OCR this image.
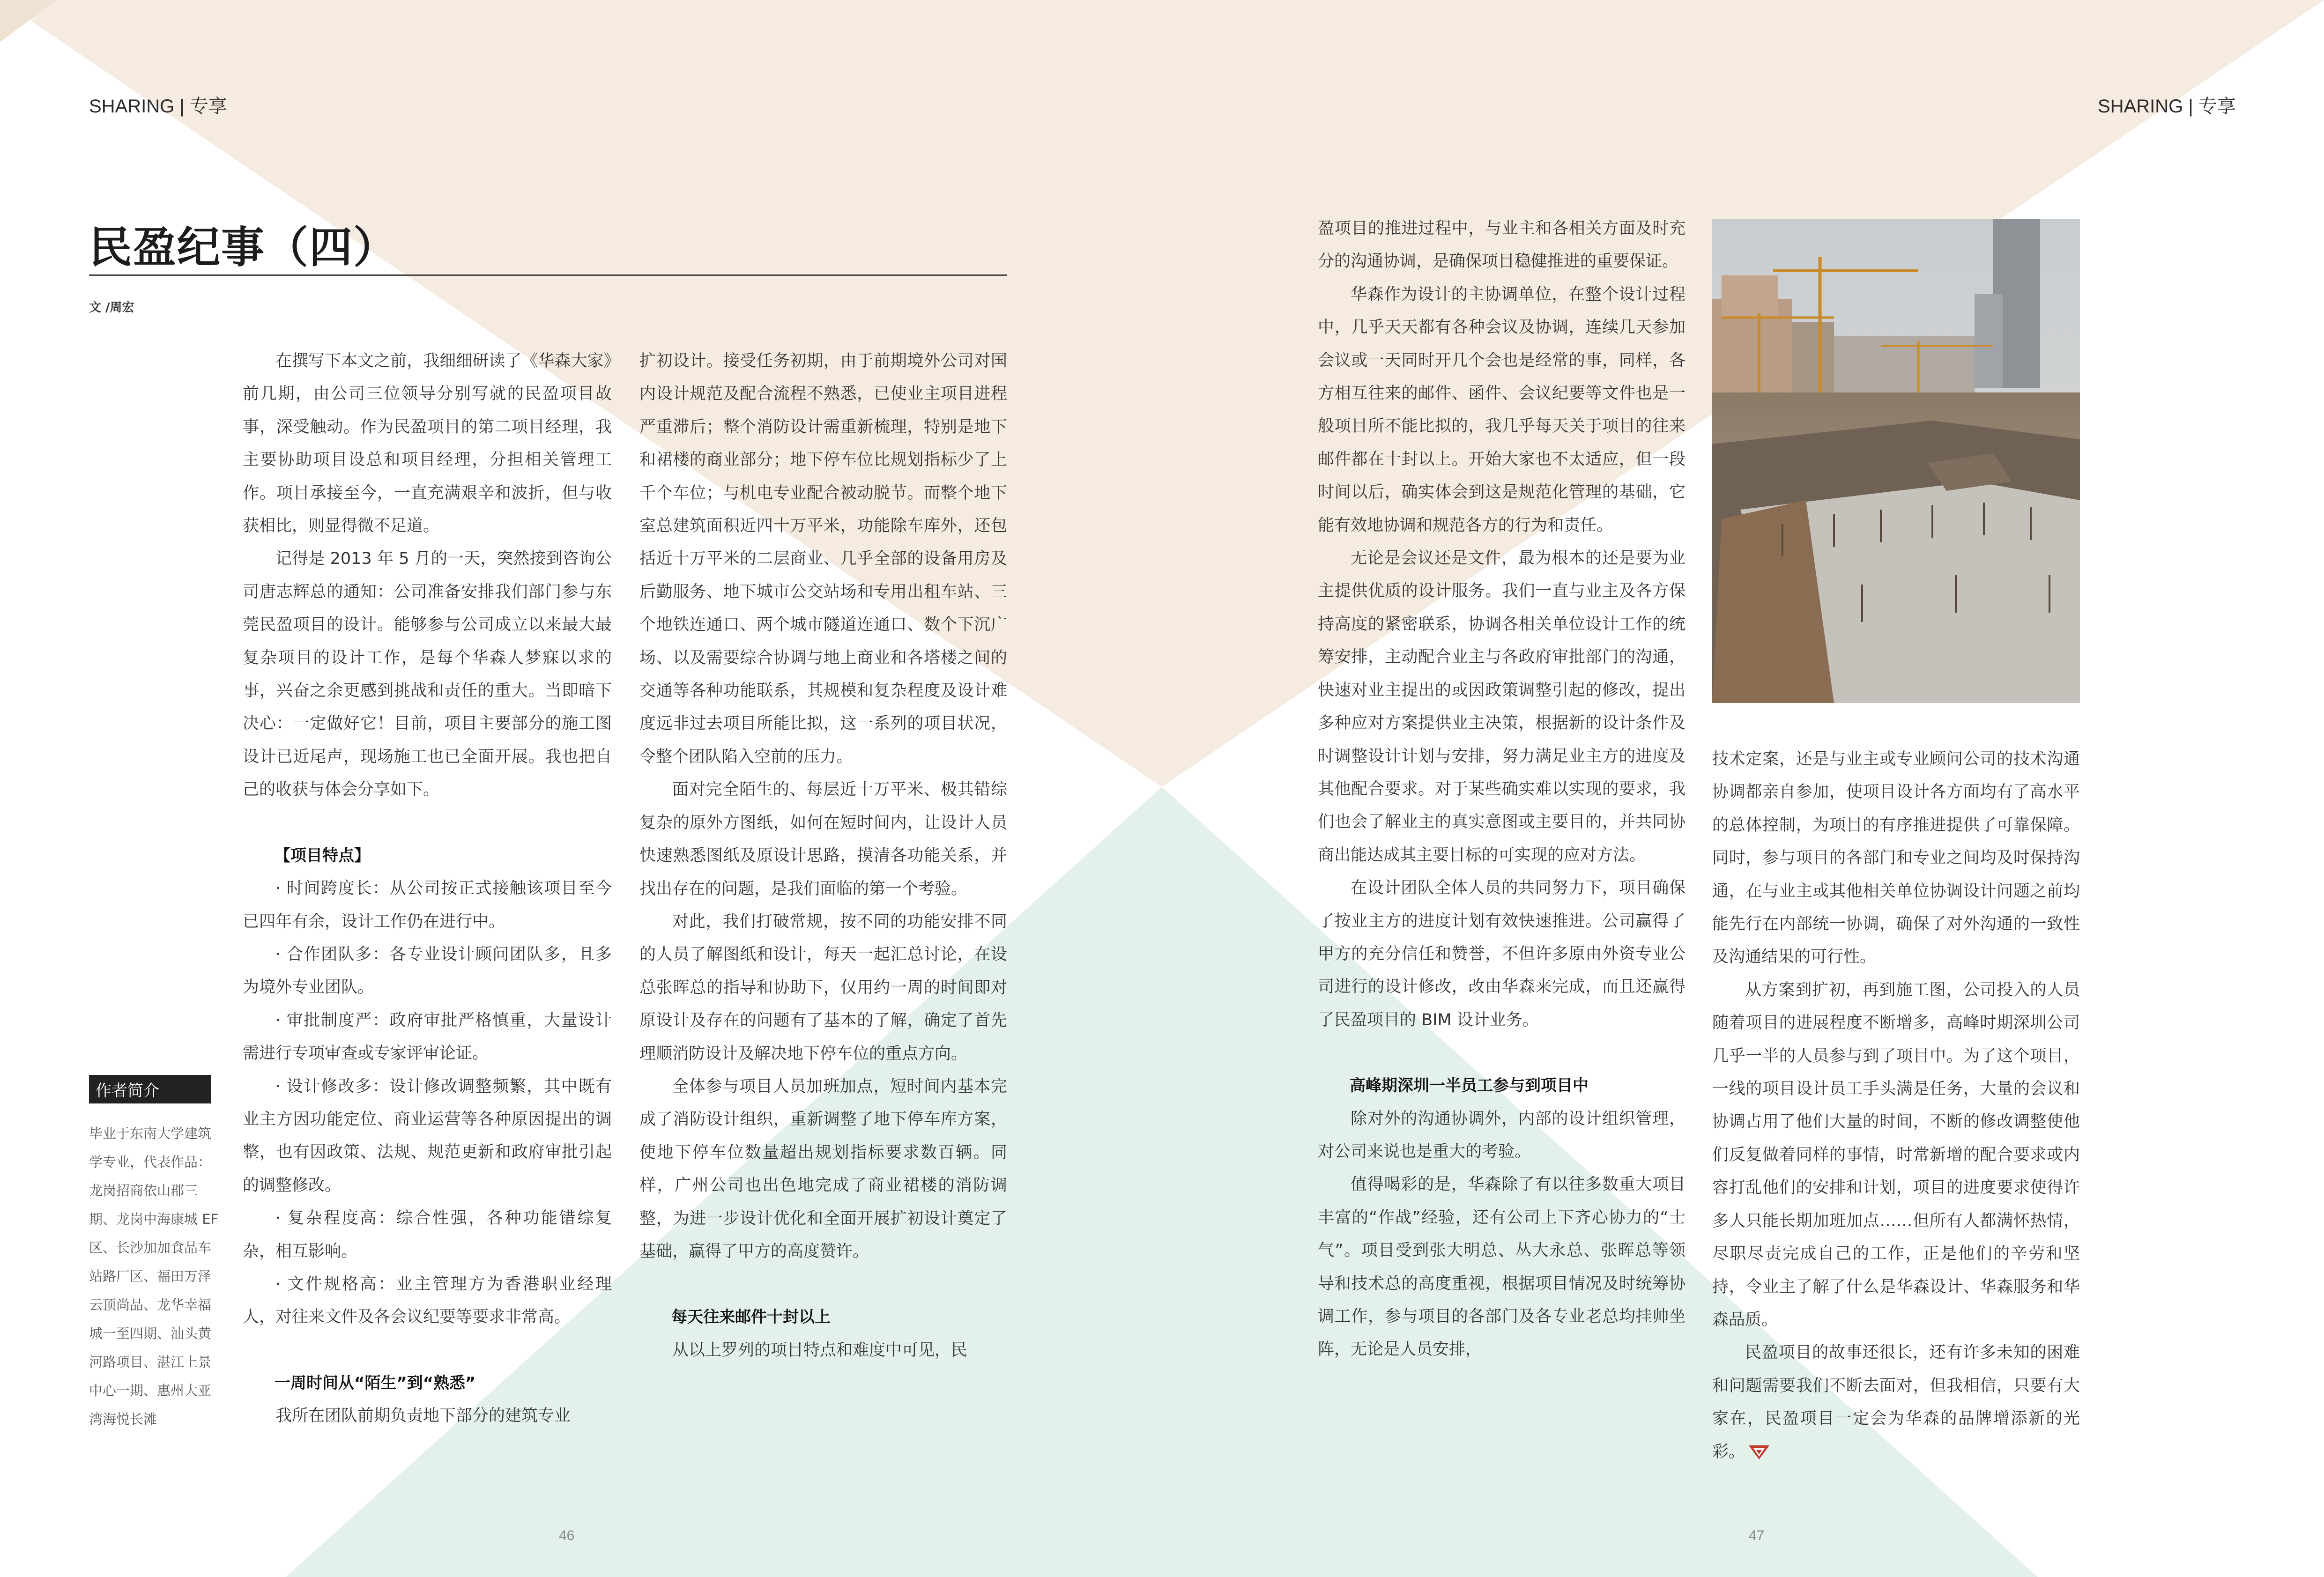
SHARING | 专享	SHARING | 专享
民盈纪事（四）
文 /周宏

在撰写下本文之前，我细细研读了《华森大家》前几期，由公司三位领导分别写就的民盈项目故事，深受触动。作为民盈项目的第二项目经理，我主要协助项目设总和项目经理，分担相关管理工作。项目承接至今，一直充满艰辛和波折，但与收获相比，则显得微不足道。

记得是 2013 年 5 月的一天，突然接到咨询公司唐志辉总的通知：公司准备安排我们部门参与东莞民盈项目的设计。能够参与公司成立以来最大最复杂项目的设计工作，是每个华森人梦寐以求的事，兴奋之余更感到挑战和责任的重大。当即暗下决心：一定做好它！目前，项目主要部分的施工图设计已近尾声，现场施工也已全面开展。我也把自己的收获与体会分享如下。

【项目特点】

· 时间跨度长：从公司按正式接触该项目至今已四年有余，设计工作仍在进行中。

· 合作团队多：各专业设计顾问团队多，且多为境外专业团队。

· 审批制度严：政府审批严格慎重，大量设计需进行专项审查或专家评审论证。

· 设计修改多：设计修改调整频繁，其中既有业主方因功能定位、商业运营等各种原因提出的调整，也有因政策、法规、规范更新和政府审批引起的调整修改。

· 复杂程度高：综合性强，各种功能错综复杂，相互影响。

· 文件规格高：业主管理方为香港职业经理人，对往来文件及各会议纪要等要求非常高。

一周时间从“陌生”到“熟悉”

我所在团队前期负责地下部分的建筑专业

扩初设计。接受任务初期，由于前期境外公司对国内设计规范及配合流程不熟悉，已使业主项目进程严重滞后；整个消防设计需重新梳理，特别是地下和裙楼的商业部分；地下停车位比规划指标少了上千个车位；与机电专业配合被动脱节。而整个地下室总建筑面积近四十万平米，功能除车库外，还包括近十万平米的二层商业、几乎全部的设备用房及后勤服务、地下城市公交站场和专用出租车站、三个地铁连通口、两个城市隧道连通口、数个下沉广场、以及需要综合协调与地上商业和各塔楼之间的交通等各种功能联系，其规模和复杂程度及设计难度远非过去项目所能比拟，这一系列的项目状况，令整个团队陷入空前的压力。

面对完全陌生的、每层近十万平米、极其错综复杂的原外方图纸，如何在短时间内，让设计人员快速熟悉图纸及原设计思路，摸清各功能关系，并找出存在的问题，是我们面临的第一个考验。

对此，我们打破常规，按不同的功能安排不同的人员了解图纸和设计，每天一起汇总讨论，在设总张晖总的指导和协助下，仅用约一周的时间即对原设计及存在的问题有了基本的了解，确定了首先理顺消防设计及解决地下停车位的重点方向。

全体参与项目人员加班加点，短时间内基本完成了消防设计组织，重新调整了地下停车库方案，使地下停车位数量超出规划指标要求数百辆。同样，广州公司也出色地完成了商业裙楼的消防调整，为进一步设计优化和全面开展扩初设计奠定了基础，赢得了甲方的高度赞许。

每天往来邮件十封以上

从以上罗列的项目特点和难度中可见，民

作者简介
毕业于东南大学建筑学专业，代表作品：龙岗招商依山郡三期、龙岗中海康城 EF区、长沙加加食品车站路厂区、福田万泽云顶尚品、龙华幸福城一至四期、汕头黄河路项目、湛江上景中心一期、惠州大亚湾海悦长滩

盈项目的推进过程中，与业主和各相关方面及时充分的沟通协调，是确保项目稳健推进的重要保证。

华森作为设计的主协调单位，在整个设计过程中，几乎天天都有各种会议及协调，连续几天参加会议或一天同时开几个会也是经常的事，同样，各方相互往来的邮件、函件、会议纪要等文件也是一般项目所不能比拟的，我几乎每天关于项目的往来邮件都在十封以上。开始大家也不太适应，但一段时间以后，确实体会到这是规范化管理的基础，它能有效地协调和规范各方的行为和责任。

无论是会议还是文件，最为根本的还是要为业主提供优质的设计服务。我们一直与业主及各方保持高度的紧密联系，协调各相关单位设计工作的统筹安排，主动配合业主与各政府审批部门的沟通，快速对业主提出的或因政策调整引起的修改，提出多种应对方案提供业主决策，根据新的设计条件及时调整设计计划与安排，努力满足业主方的进度及其他配合要求。对于某些确实难以实现的要求，我们也会了解业主的真实意图或主要目的，并共同协商出能达成其主要目标的可实现的应对方法。

在设计团队全体人员的共同努力下，项目确保了按业主方的进度计划有效快速推进。公司赢得了甲方的充分信任和赞誉，不但许多原由外资专业公司进行的设计修改，改由华森来完成，而且还赢得了民盈项目的 BIM 设计业务。

高峰期深圳一半员工参与到项目中

除对外的沟通协调外，内部的设计组织管理，对公司来说也是重大的考验。

值得喝彩的是，华森除了有以往多数重大项目丰富的“作战”经验，还有公司上下齐心协力的“士气”。项目受到张大明总、丛大永总、张晖总等领导和技术总的高度重视，根据项目情况及时统筹协调工作，参与项目的各部门及各专业老总均挂帅坐阵，无论是人员安排，

技术定案，还是与业主或专业顾问公司的技术沟通协调都亲自参加，使项目设计各方面均有了高水平的总体控制，为项目的有序推进提供了可靠保障。同时，参与项目的各部门和专业之间均及时保持沟通，在与业主或其他相关单位协调设计问题之前均能先行在内部统一协调，确保了对外沟通的一致性及沟通结果的可行性。

从方案到扩初，再到施工图，公司投入的人员随着项目的进展程度不断增多，高峰时期深圳公司几乎一半的人员参与到了项目中。为了这个项目，一线的项目设计员工手头满是任务，大量的会议和协调占用了他们大量的时间，不断的修改调整使他们反复做着同样的事情，时常新增的配合要求或内容打乱他们的安排和计划，项目的进度要求使得许多人只能长期加班加点……但所有人都满怀热情，尽职尽责完成自己的工作，正是他们的辛劳和坚持，令业主了解了什么是华森设计、华森服务和华森品质。

民盈项目的故事还很长，还有许多未知的困难和问题需要我们不断去面对，但我相信，只要有大家在，民盈项目一定会为华森的品牌增添新的光彩。

46	47
100 大数跨境
